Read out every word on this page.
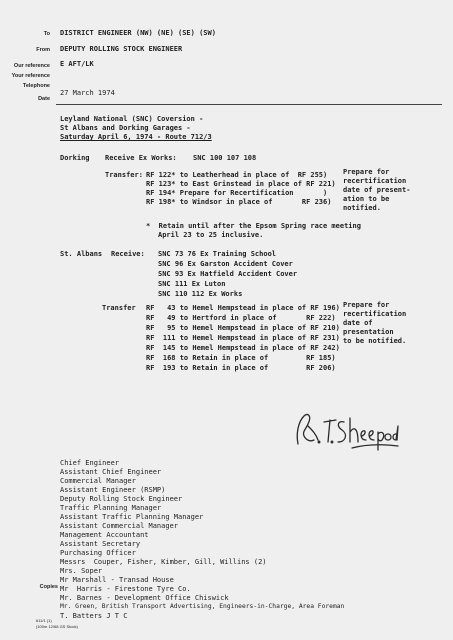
To DISTRICT ENGINEER (NW) (NE) (SE) (SW)
From DEPUTY ROLLING STOCK ENGINEER
Our reference E AFT/LK
Your reference
Telephone
Date
27 March 1974
Leyland National (SNC) Coversion -
St Albans and Dorking Garages -
Saturday April 6, 1974 - Route 712/3
Dorking Receive Ex Works: SNC 100 107 108
Transfer: RF 122* to Leatherhead in place of  RF 255)
RF 123* to East Grinstead in place of RF 221)
RF 194* Prepare for Recertification       )
RF 198* to Windsor in place of       RF 236)
Prepare for
recertification
date of present-
ation to be
notified.
*  Retain until after the Epsom Spring race meeting
April 23 to 25 inclusive.
St. Albans Receive: SNC 73 76 Ex Training School
SNC 96 Ex Garston Accident Cover
SNC 93 Ex Hatfield Accident Cover
SNC 111 Ex Luton
SNC 110 112 Ex Works
Transfer RF   43 to Hemel Hempstead in place of RF 196)
RF   49 to Hertford in place of       RF 222)
RF   95 to Hemel Hempstead in place of RF 210)
RF  111 to Hemel Hempstead in place of RF 231)
RF  145 to Hemel Hempstead in place of RF 242)
RF  168 to Retain in place of         RF 185)
RF  193 to Retain in place of         RF 206)
Prepare for
recertification
date of
presentation
to be notified.
Chief Engineer
Assistant Chief Engineer
Commercial Manager
Assistant Engineer (RSMP)
Deputy Rolling Stock Engineer
Traffic Planning Manager
Assistant Traffic Planning Manager
Assistant Commercial Manager
Management Accountant
Assistant Secretary
Purchasing Officer
Messrs  Couper, Fisher, Kimber, Gill, Willins (2)
Mrs. Soper
Copies
Mr Marshall - Transad House
Mr  Harris - Firestone Tyre Co.
Mr. Barnes - Development Office Chiswick
Mr. Green, British Transport Advertising, Engineers-in-Charge, Area Foreman
T. Batters J T C
611/1 (1)
(100m 12/68 GS Stock)
